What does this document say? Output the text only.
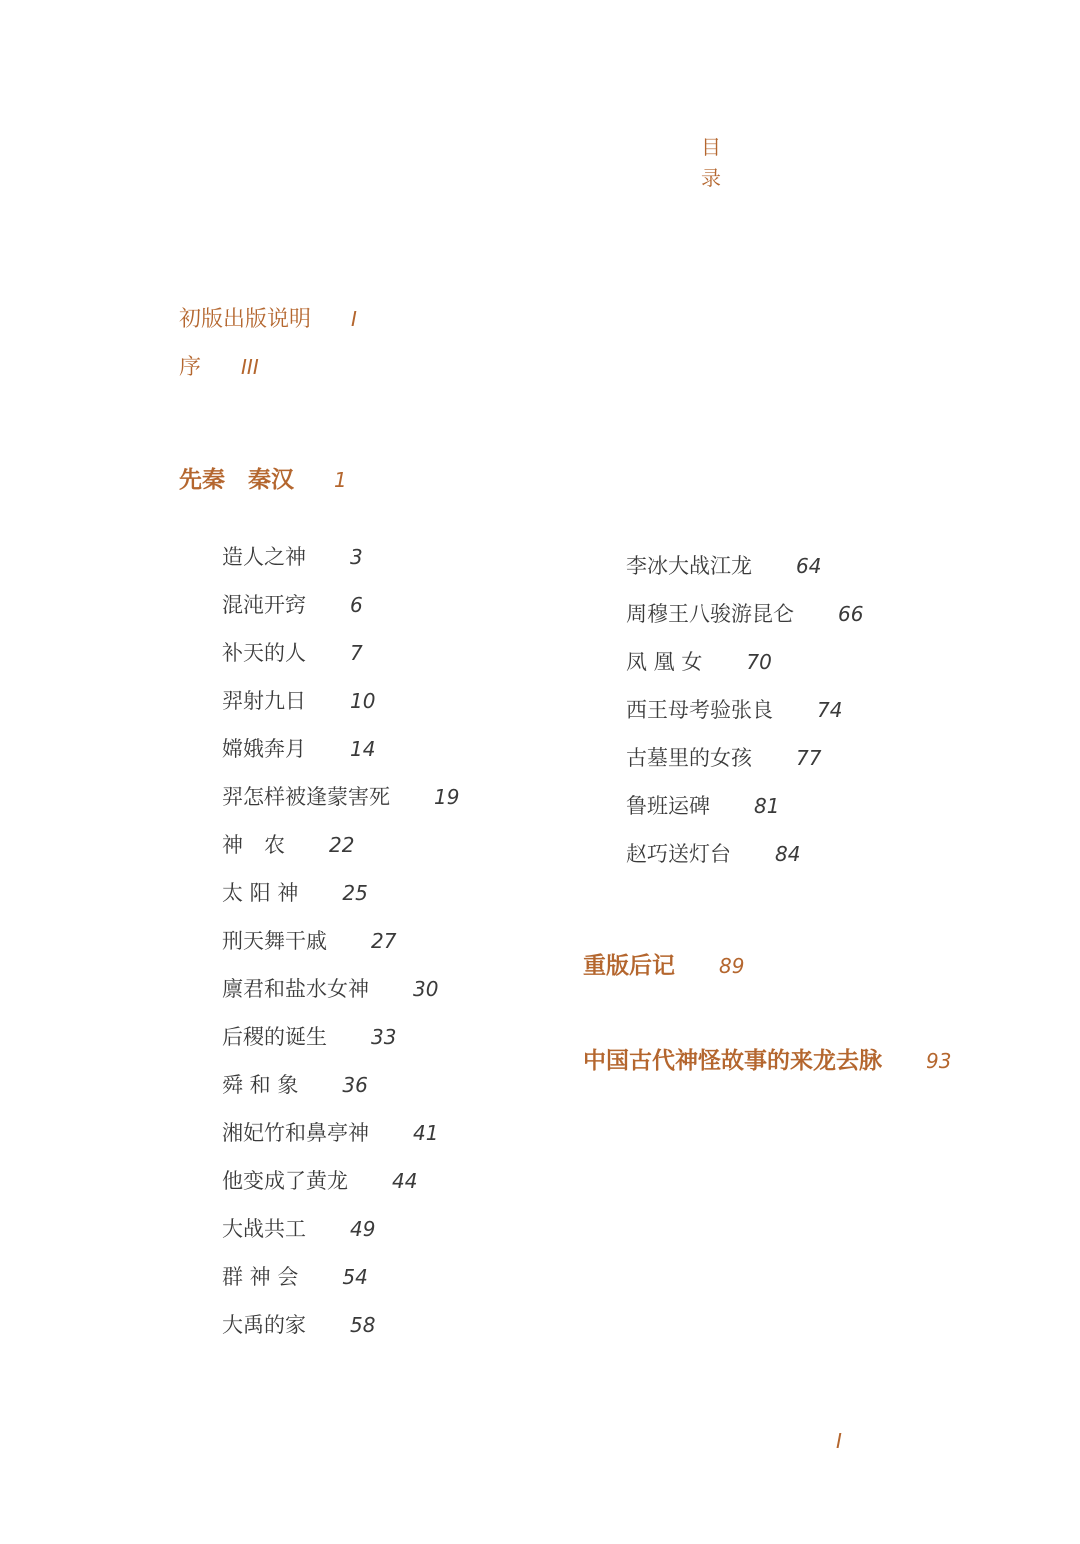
目
录
初版出版说明 I
序 III
先秦　秦汉 1
造人之神 3
混沌开窍 6
补天的人 7
羿射九日 10
嫦娥奔月 14
羿怎样被逢蒙害死 19
神　农 22
太 阳 神 25
刑天舞干戚 27
廪君和盐水女神 30
后稷的诞生 33
舜 和 象 36
湘妃竹和鼻亭神 41
他变成了黄龙 44
大战共工 49
群 神 会 54
大禹的家 58
李冰大战江龙 64
周穆王八骏游昆仑 66
凤 凰 女 70
西王母考验张良 74
古墓里的女孩 77
鲁班运碑 81
赵巧送灯台 84
重版后记 89
中国古代神怪故事的来龙去脉 93
I
